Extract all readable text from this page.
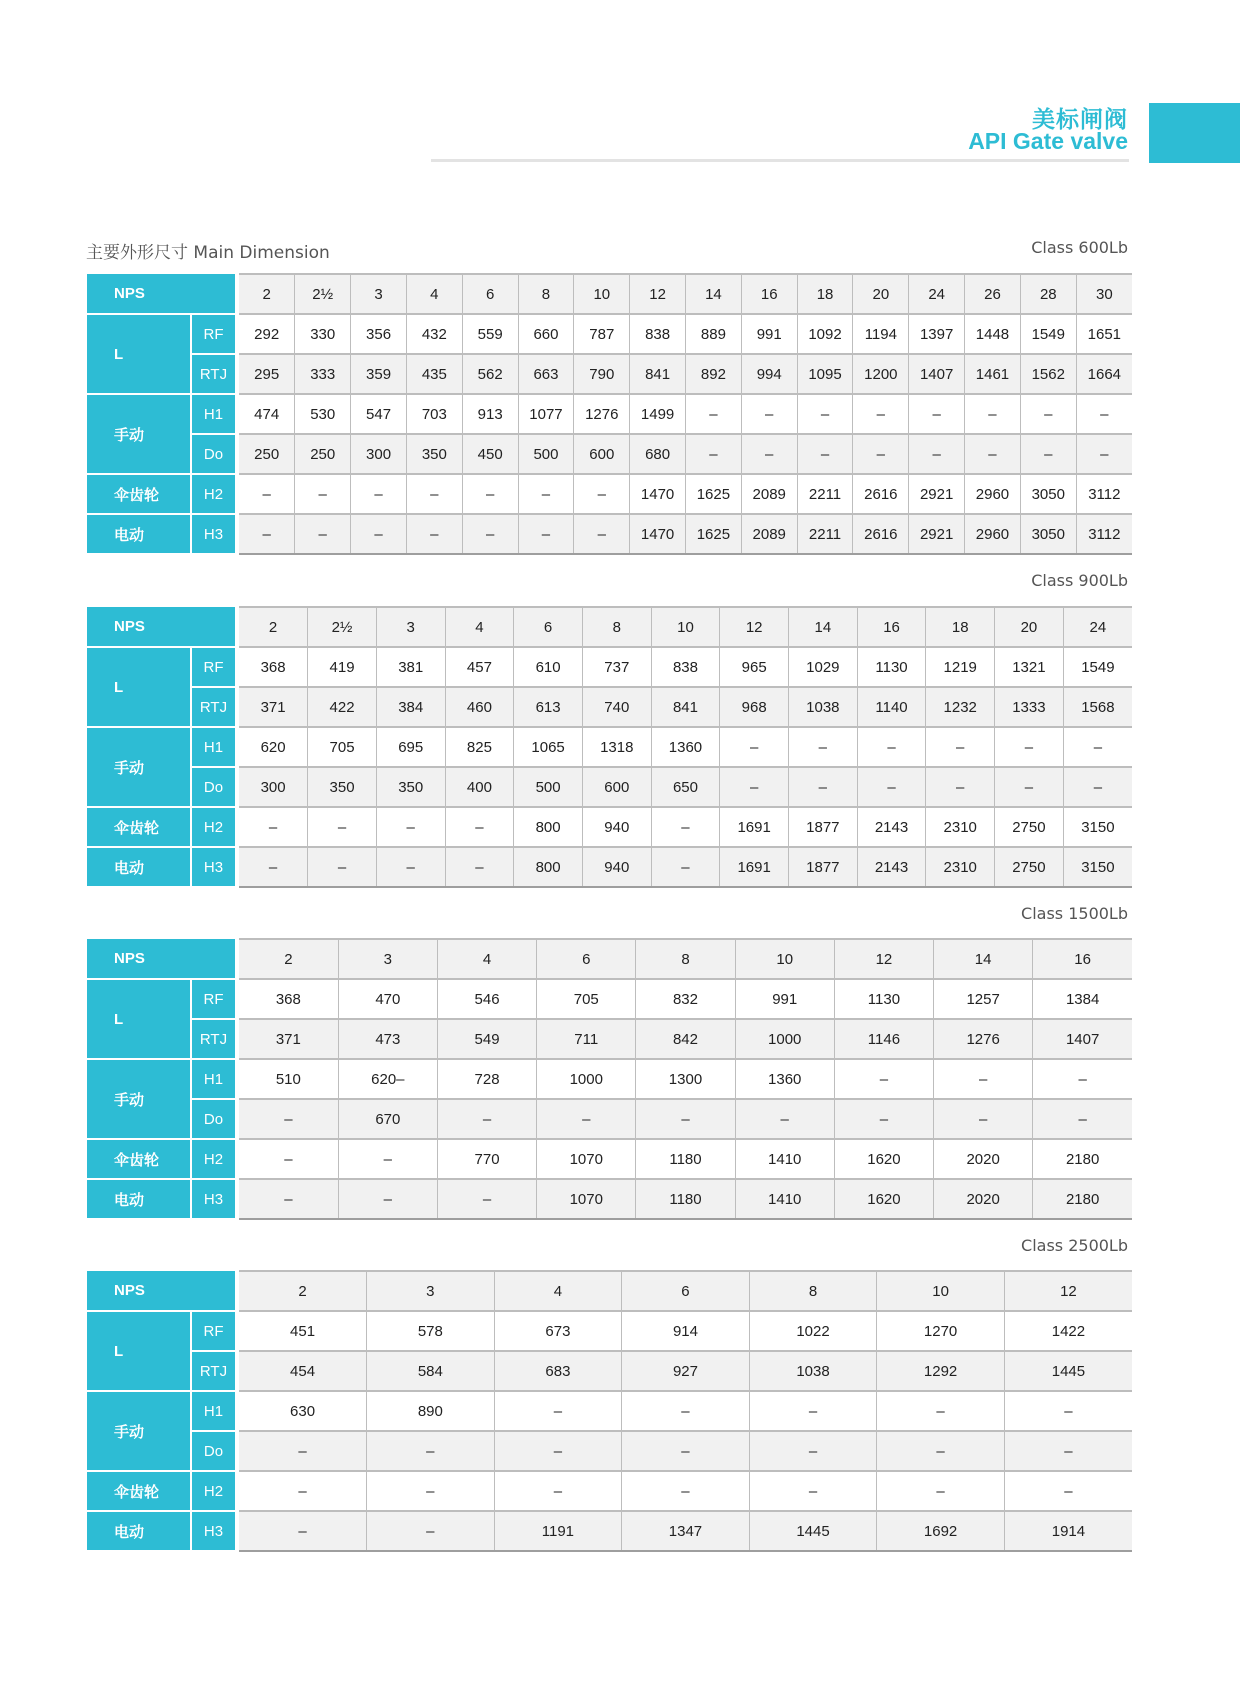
美标闸阀
API Gate valve
主要外形尺寸 Main Dimension	Class 600Lb
NPS			2	2½	3	4	6	8	10	12	14	16	18	20	24	26	28	30
L	RF		292	330	356	432	559	660	787	838	889	991	1092	1194	1397	1448	1549	1651
	RTJ		295	333	359	435	562	663	790	841	892	994	1095	1200	1407	1461	1562	1664
手动	H1		474	530	547	703	913	1077	1276	1499	–	–	–	–	–	–	–	–
	Do		250	250	300	350	450	500	600	680	–	–	–	–	–	–	–	–
伞齿轮	H2		–	–	–	–	–	–	–	1470	1625	2089	2211	2616	2921	2960	3050	3112
电动	H3		–	–	–	–	–	–	–	1470	1625	2089	2211	2616	2921	2960	3050	3112
Class 900Lb
NPS			2	2½	3	4	6	8	10	12	14	16	18	20	24
L	RF		368	419	381	457	610	737	838	965	1029	1130	1219	1321	1549
	RTJ		371	422	384	460	613	740	841	968	1038	1140	1232	1333	1568
手动	H1		620	705	695	825	1065	1318	1360	–	–	–	–	–	–
	Do		300	350	350	400	500	600	650	–	–	–	–	–	–
伞齿轮	H2		–	–	–	–	800	940	–	1691	1877	2143	2310	2750	3150
电动	H3		–	–	–	–	800	940	–	1691	1877	2143	2310	2750	3150
Class 1500Lb
NPS			2	3	4	6	8	10	12	14	16
L	RF		368	470	546	705	832	991	1130	1257	1384
	RTJ		371	473	549	711	842	1000	1146	1276	1407
手动	H1		510	620–	728	1000	1300	1360	–	–	–
	Do		–	670	–	–	–	–	–	–	–
伞齿轮	H2		–	–	770	1070	1180	1410	1620	2020	2180
电动	H3		–	–	–	1070	1180	1410	1620	2020	2180
Class 2500Lb
NPS			2	3	4	6	8	10	12
L	RF		451	578	673	914	1022	1270	1422
	RTJ		454	584	683	927	1038	1292	1445
手动	H1		630	890	–	–	–	–	–
	Do		–	–	–	–	–	–	–
伞齿轮	H2		–	–	–	–	–	–	–
电动	H3		–	–	1191	1347	1445	1692	1914
